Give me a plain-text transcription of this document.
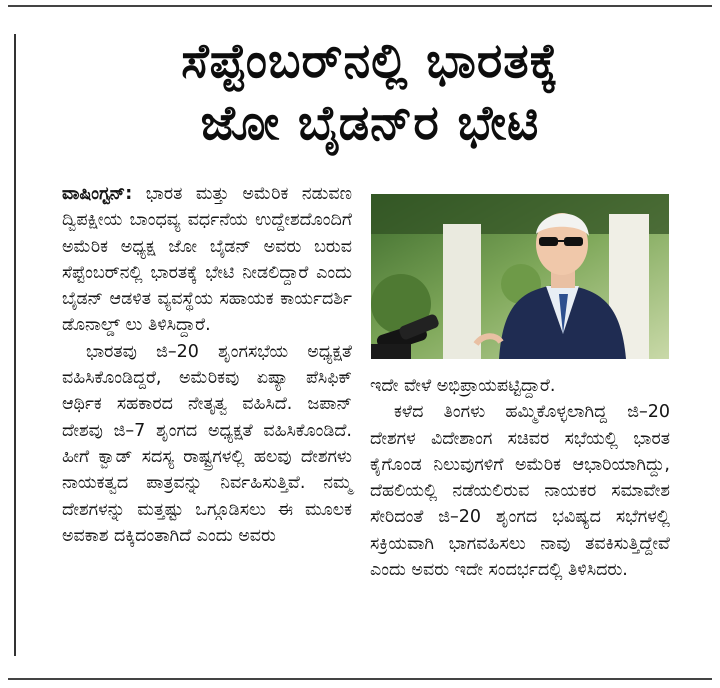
ಸೆಪ್ಟೆಂಬರ್‌ನಲ್ಲಿ ಭಾರತಕ್ಕೆ
ಜೋ ಬೈಡನ್‌ರ ಭೇಟಿ

ವಾಷಿಂಗ್ಟನ್: ಭಾರತ ಮತ್ತು ಅಮೆರಿಕ ನಡುವಣ ದ್ವಿಪಕ್ಷೀಯ ಬಾಂಧವ್ಯ ವರ್ಧನೆಯ ಉದ್ದೇಶದೊಂದಿಗೆ ಅಮೆರಿಕ ಅಧ್ಯಕ್ಷ ಜೋ ಬೈಡನ್ ಅವರು ಬರುವ ಸೆಪ್ಟೆಂಬರ್‌ನಲ್ಲಿ ಭಾರತಕ್ಕೆ ಭೇಟಿ ನೀಡಲಿದ್ದಾರೆ ಎಂದು ಬೈಡನ್ ಆಡಳಿತ ವ್ಯವಸ್ಥೆಯ ಸಹಾಯಕ ಕಾರ್ಯದರ್ಶಿ ಡೊನಾಲ್ಡ್ ಲು ತಿಳಿಸಿದ್ದಾರೆ.

ಭಾರತವು ಜಿ–20 ಶೃಂಗಸಭೆಯ ಅಧ್ಯಕ್ಷತೆ ವಹಿಸಿಕೊಂಡಿದ್ದರೆ, ಅಮೆರಿಕವು ಏಷ್ಯಾ ಪೆಸಿಫಿಕ್ ಆರ್ಥಿಕ ಸಹಕಾರದ ನೇತೃತ್ವ ವಹಿಸಿದೆ. ಜಪಾನ್ ದೇಶವು ಜಿ–7 ಶೃಂಗದ ಅಧ್ಯಕ್ಷತೆ ವಹಿಸಿಕೊಂಡಿದೆ. ಹೀಗೆ ಕ್ವಾಡ್ ಸದಸ್ಯ ರಾಷ್ಟ್ರಗಳಲ್ಲಿ ಹಲವು ದೇಶಗಳು ನಾಯಕತ್ವದ ಪಾತ್ರವನ್ನು ನಿರ್ವಹಿಸುತ್ತಿವೆ. ನಮ್ಮ ದೇಶಗಳನ್ನು ಮತ್ತಷ್ಟು ಒಗ್ಗೂಡಿಸಲು ಈ ಮೂಲಕ ಅವಕಾಶ ದಕ್ಕಿದಂತಾಗಿದೆ ಎಂದು ಅವರು

ಇದೇ ವೇಳೆ ಅಭಿಪ್ರಾಯಪಟ್ಟಿದ್ದಾರೆ.

ಕಳೆದ ತಿಂಗಳು ಹಮ್ಮಿಕೊಳ್ಳಲಾಗಿದ್ದ ಜಿ–20 ದೇಶಗಳ ವಿದೇಶಾಂಗ ಸಚಿವರ ಸಭೆಯಲ್ಲಿ ಭಾರತ ಕೈಗೊಂಡ ನಿಲುವುಗಳಿಗೆ ಅಮೆರಿಕ ಆಭಾರಿಯಾಗಿದ್ದು, ದೆಹಲಿಯಲ್ಲಿ ನಡೆಯಲಿರುವ ನಾಯಕರ ಸಮಾವೇಶ ಸೇರಿದಂತೆ ಜಿ–20 ಶೃಂಗದ ಭವಿಷ್ಯದ ಸಭೆಗಳಲ್ಲಿ ಸಕ್ರಿಯವಾಗಿ ಭಾಗವಹಿಸಲು ನಾವು ತವಕಿಸುತ್ತಿದ್ದೇವೆ ಎಂದು ಅವರು ಇದೇ ಸಂದರ್ಭದಲ್ಲಿ ತಿಳಿಸಿದರು.
